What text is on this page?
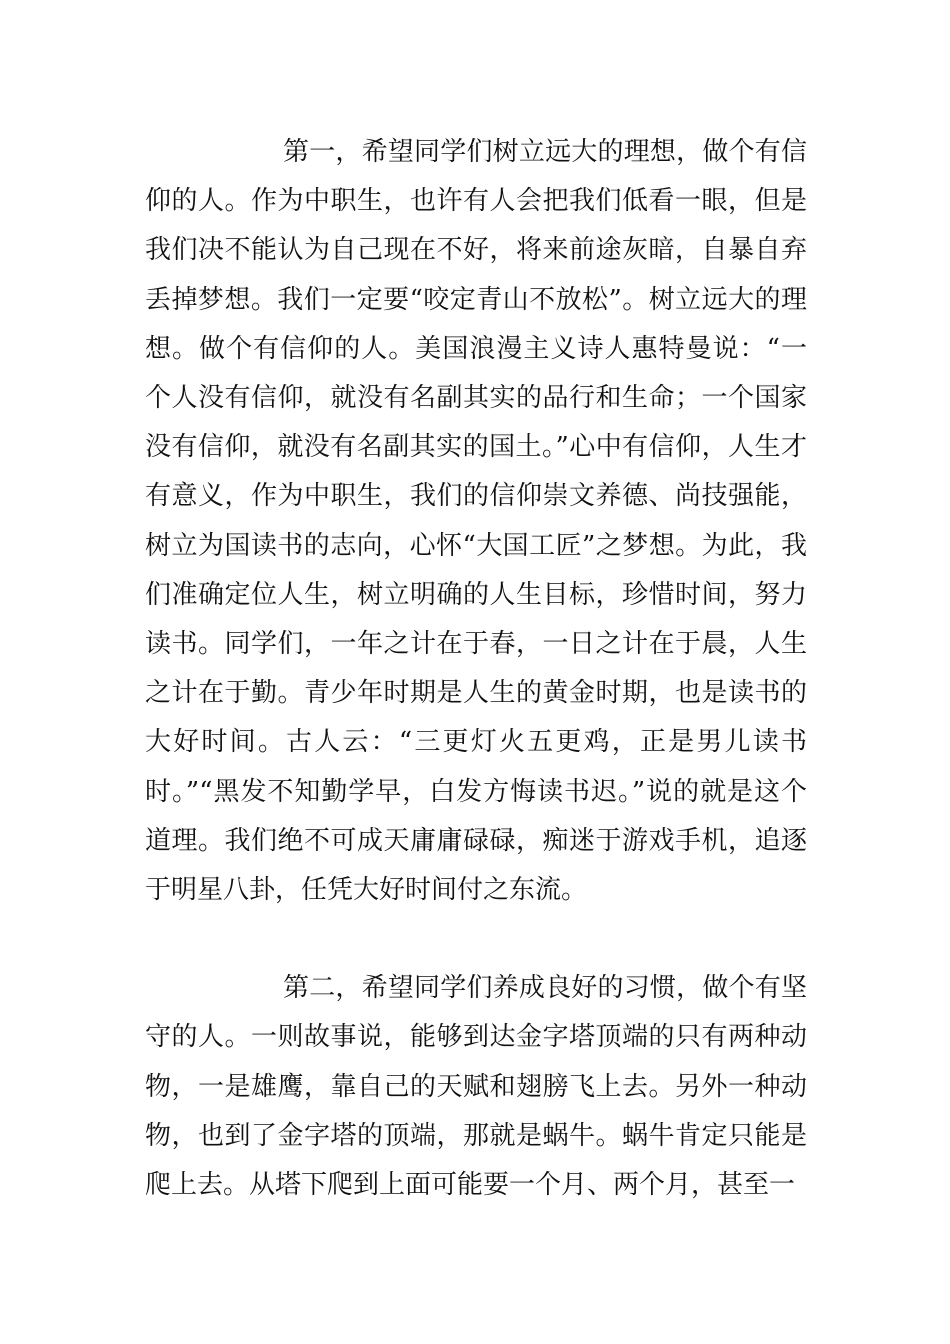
第一，希望同学们树立远大的理想，做个有信仰的人。作为中职生，也许有人会把我们低看一眼，但是我们决不能认为自己现在不好，将来前途灰暗，自暴自弃丢掉梦想。我们一定要“咬定青山不放松”。树立远大的理想。做个有信仰的人。美国浪漫主义诗人惠特曼说：“一个人没有信仰，就没有名副其实的品行和生命；一个国家没有信仰，就没有名副其实的国土。”心中有信仰，人生才有意义，作为中职生，我们的信仰崇文养德、尚技强能，树立为国读书的志向，心怀“大国工匠”之梦想。为此，我们准确定位人生，树立明确的人生目标，珍惜时间，努力读书。同学们，一年之计在于春，一日之计在于晨，人生之计在于勤。青少年时期是人生的黄金时期，也是读书的大好时间。古人云：“三更灯火五更鸡，正是男儿读书时。”“黑发不知勤学早，白发方悔读书迟。”说的就是这个道理。我们绝不可成天庸庸碌碌，痴迷于游戏手机，追逐于明星八卦，任凭大好时间付之东流。

第二，希望同学们养成良好的习惯，做个有坚守的人。一则故事说，能够到达金字塔顶端的只有两种动物，一是雄鹰，靠自己的天赋和翅膀飞上去。另外一种动物，也到了金字塔的顶端，那就是蜗牛。蜗牛肯定只能是爬上去。从塔下爬到上面可能要一个月、两个月，甚至一
